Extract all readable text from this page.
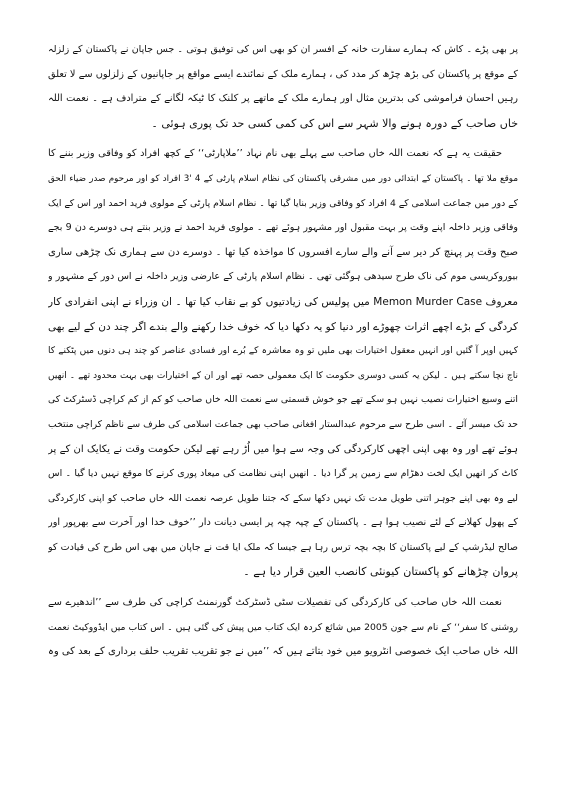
پر بھی پڑے ۔ کاش کہ ہمارے سفارت خانہ کے افسر ان کو بھی اس کی توفیق ہوتی ۔ جس جاپان نے پاکستان کے زلزلہ
کے موقع پر پاکستان کی بڑھ چڑھ کر مدد کی ، ہمارے ملک کے نمائندے ایسے مواقع پر جاپانیوں کے زلزلوں سے لا تعلق
رہیں احسان فراموشی کی بدترین مثال اور ہمارے ملک کے ماتھے پر کلنک کا ٹیکہ لگانے کے مترادف ہے ۔ نعمت اللہ
خاں صاحب کے دورہ ہونے والا شہر سے اس کی کمی کسی حد تک پوری ہوئی ۔
حقیقت یہ ہے کہ نعمت اللہ خاں صاحب سے پہلے بھی نام نہاد ’’ملاپارٹی‘‘ کے کچھ افراد کو وفاقی وزیر بننے کا
موقع ملا تھا ۔ پاکستان کے ابتدائی دور میں مشرقی پاکستان کی نظام اسلام پارٹی کے 4 '3 افراد کو اور مرحوم صدر ضیاء الحق
کے دور میں جماعت اسلامی کے 4 افراد کو وفاقی وزیر بنایا گیا تھا ۔ نظام اسلام پارٹی کے مولوی فرید احمد اور اس کے ایک
وفاقی وزیر داخلہ اپنے وقت پر بہت مقبول اور مشہور ہوئے تھے ۔ مولوی فرید احمد نے وزیر بنتے ہی دوسرے دن 9 بجے
صبح وقت پر پہنچ کر دیر سے آنے والے سارے افسروں کا مواخذہ کیا تھا ۔ دوسرے دن سے ہماری نک چڑھی ساری
بیوروکریسی موم کی ناک طرح سیدھی ہوگئی تھی ۔ نظام اسلام پارٹی کے عارضی وزیر داخلہ نے اس دور کے مشہور و
معروف Memon Murder Case میں پولیس کی زیادتیوں کو بے نقاب کیا تھا ۔ ان وزراء نے اپنی انفرادی کار
کردگی کے بڑے اچھے اثرات چھوڑے اور دنیا کو یہ دکھا دیا کہ خوف خدا رکھنے والے بندے اگر چند دن کے لیے بھی
کہیں اوپر آ گئیں اور انہیں معقول اختیارات بھی ملیں تو وہ معاشرہ کے بُرے اور فسادی عناصر کو چند ہی دنوں میں پٹکنے کا
ناچ نچا سکتے ہیں ۔ لیکن یہ کسی دوسری حکومت کا ایک معمولی حصہ تھے اور ان کے اختیارات بھی بہت محدود تھے ۔ انھیں
اتنے وسیع اختیارات نصیب نہیں ہو سکے تھے جو خوش قسمتی سے نعمت اللہ خاں صاحب کو کم از کم کراچی ڈسٹرکٹ کی
حد تک میسر آئے ۔ اسی طرح سے مرحوم عبدالستار افغانی صاحب بھی جماعت اسلامی کی طرف سے ناظم کراچی منتخب
ہوئے تھے اور وہ بھی اپنی اچھی کارکردگی کی وجہ سے ہوا میں اُڑ رہے تھے لیکن حکومت وقت نے یکایک ان کے پر
کاٹ کر انھیں ایک لخت دھڑام سے زمین پر گرا دیا ۔ انھیں اپنی نظامت کی میعاد پوری کرنے کا موقع نہیں دیا گیا ۔ اس
لیے وہ بھی اپنے جوہر اتنی طویل مدت تک نہیں دکھا سکے کہ جتنا طویل عرصہ نعمت اللہ خاں صاحب کو اپنی کارکردگی
کے پھول کھلانے کے لئے نصیب ہوا ہے ۔ پاکستان کے چپہ چپہ پر ایسی دیانت دار ’’خوف خدا اور آخرت سے بھرپور اور
صالح لیڈرشپ کے لیے پاکستان کا بچہ بچہ ترس رہا ہے جیسا کہ ملک ایا قت نے جاپان میں بھی اس طرح کی قیادت کو
پروان چڑھانے کو پاکستان کیونئی کانصب العین قرار دیا ہے ۔
نعمت اللہ خاں صاحب کی کارکردگی کی تفصیلات سٹی ڈسٹرکٹ گورنمنٹ کراچی کی طرف سے ’’اندھیرے سے
روشنی کا سفر‘‘ کے نام سے جون 2005 میں شائع کردہ ایک کتاب میں پیش کی گئی ہیں ۔ اس کتاب میں ایڈووکیٹ نعمت
اللہ خاں صاحب ایک خصوصی انٹرویو میں خود بتاتے ہیں کہ ’’میں نے جو تقریب تقریب حلف برداری کے بعد کی وہ
